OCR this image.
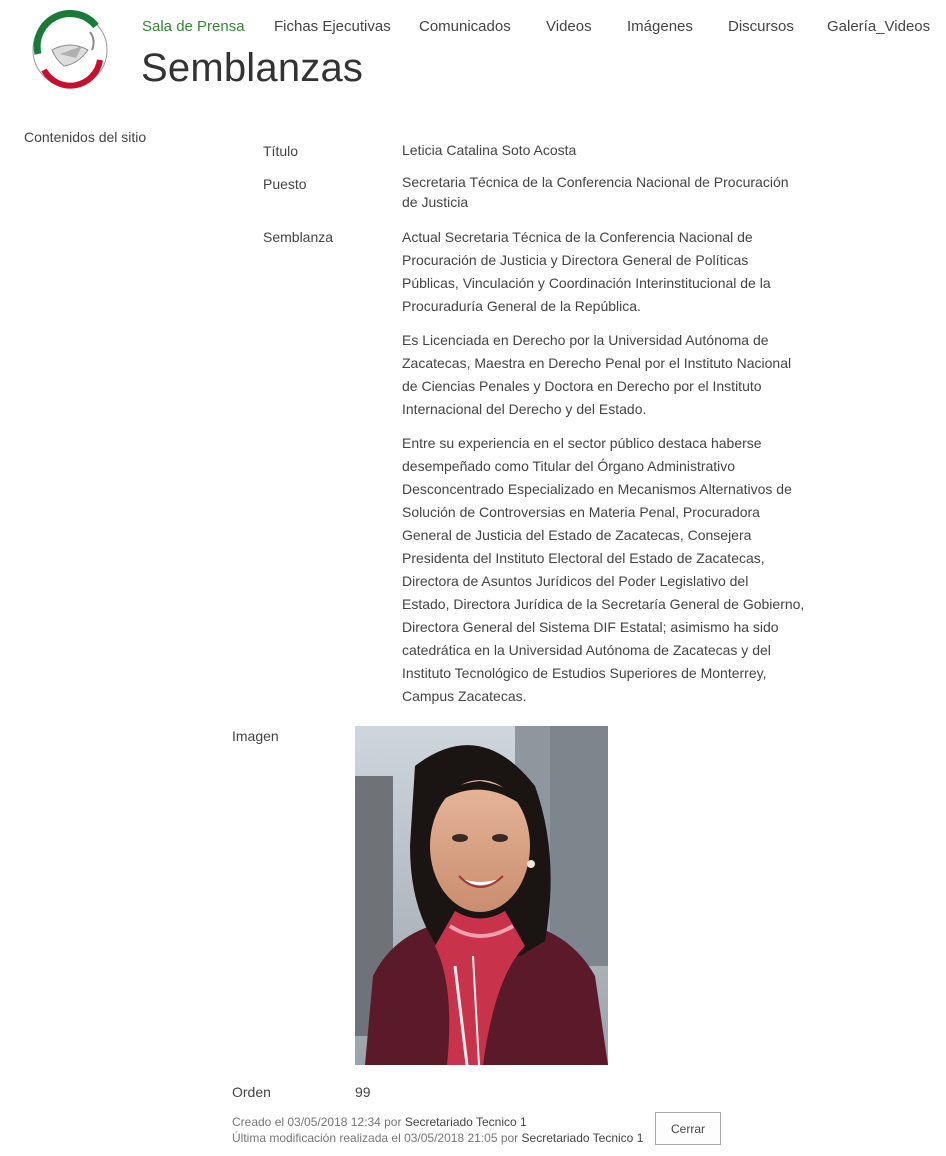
Sala de Prensa Fichas Ejecutivas Comunicados Videos Imágenes Discursos Galería_Videos
Semblanzas
Contenidos del sitio
Título	Leticia Catalina Soto Acosta
Puesto	Secretaria Técnica de la Conferencia Nacional de Procuración
de Justicia
Semblanza	Actual Secretaria Técnica de la Conferencia Nacional de
Procuración de Justicia y Directora General de Políticas
Públicas, Vinculación y Coordinación Interinstitucional de la
Procuraduría General de la República.
Es Licenciada en Derecho por la Universidad Autónoma de
Zacatecas, Maestra en Derecho Penal por el Instituto Nacional
de Ciencias Penales y Doctora en Derecho por el Instituto
Internacional del Derecho y del Estado.
Entre su experiencia en el sector público destaca haberse
desempeñado como Titular del Órgano Administrativo
Desconcentrado Especializado en Mecanismos Alternativos de
Solución de Controversias en Materia Penal, Procuradora
General de Justicia del Estado de Zacatecas, Consejera
Presidenta del Instituto Electoral del Estado de Zacatecas,
Directora de Asuntos Jurídicos del Poder Legislativo del
Estado, Directora Jurídica de la Secretaría General de Gobierno,
Directora General del Sistema DIF Estatal; asimismo ha sido
catedrática en la Universidad Autónoma de Zacatecas y del
Instituto Tecnológico de Estudios Superiores de Monterrey,
Campus Zacatecas.
Imagen
Orden	99
Creado el 03/05/2018 12:34 por Secretariado Tecnico 1
Última modificación realizada el 03/05/2018 21:05 por Secretariado Tecnico 1
Cerrar
